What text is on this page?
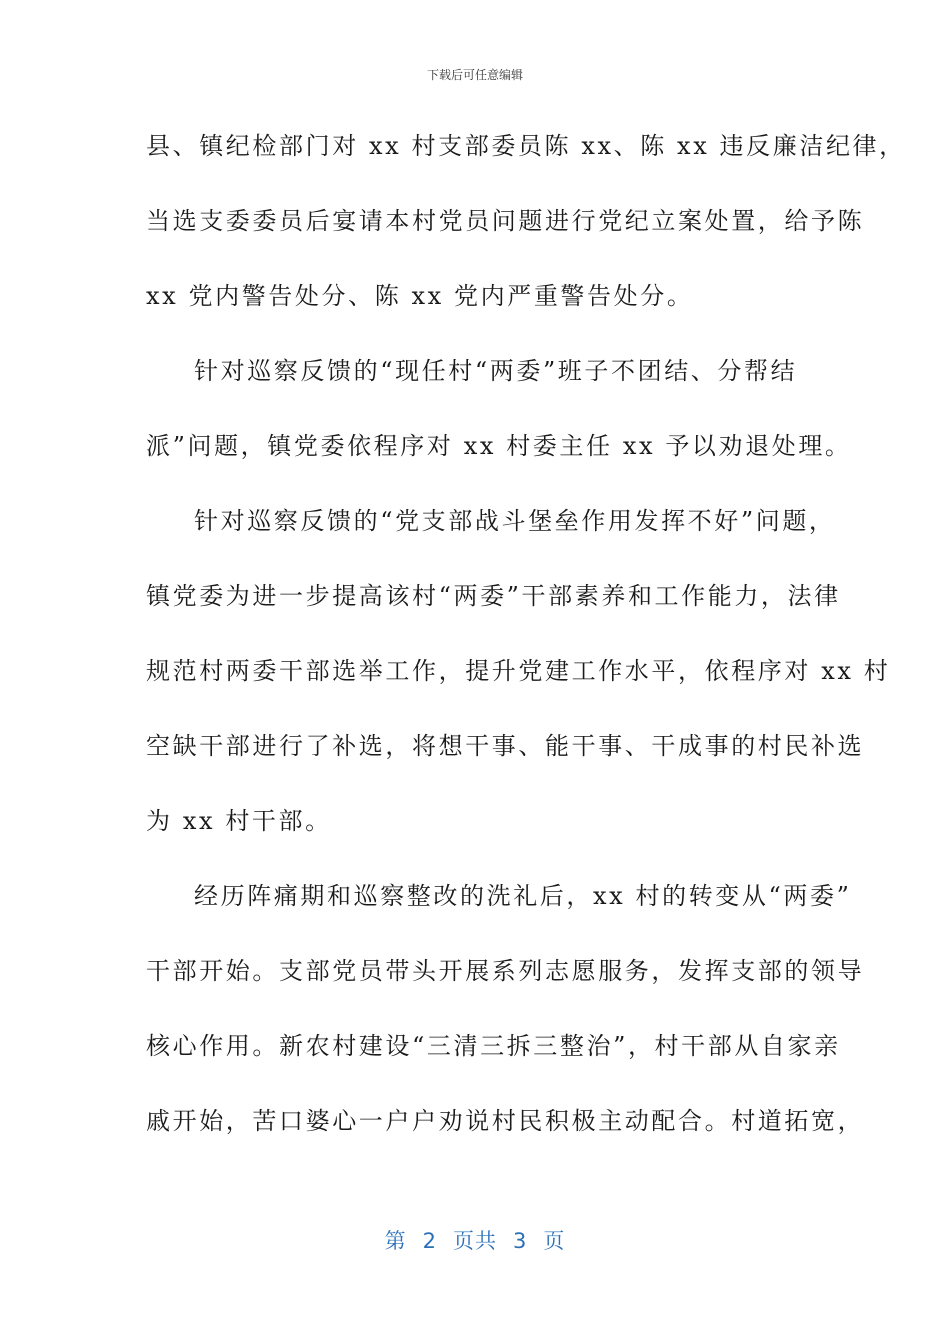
下载后可任意编辑
县、镇纪检部门对 xx 村支部委员陈 xx、陈 xx 违反廉洁纪律，
当选支委委员后宴请本村党员问题进行党纪立案处置，给予陈
xx 党内警告处分、陈 xx 党内严重警告处分。
针对巡察反馈的“现任村“两委”班子不团结、分帮结
派”问题，镇党委依程序对 xx 村委主任 xx 予以劝退处理。
针对巡察反馈的“党支部战斗堡垒作用发挥不好”问题，
镇党委为进一步提高该村“两委”干部素养和工作能力，法律
规范村两委干部选举工作，提升党建工作水平，依程序对 xx 村
空缺干部进行了补选，将想干事、能干事、干成事的村民补选
为 xx 村干部。
经历阵痛期和巡察整改的洗礼后，xx 村的转变从“两委”
干部开始。支部党员带头开展系列志愿服务，发挥支部的领导
核心作用。新农村建设“三清三拆三整治”，村干部从自家亲
戚开始，苦口婆心一户户劝说村民积极主动配合。村道拓宽，
第 2 页共 3 页
